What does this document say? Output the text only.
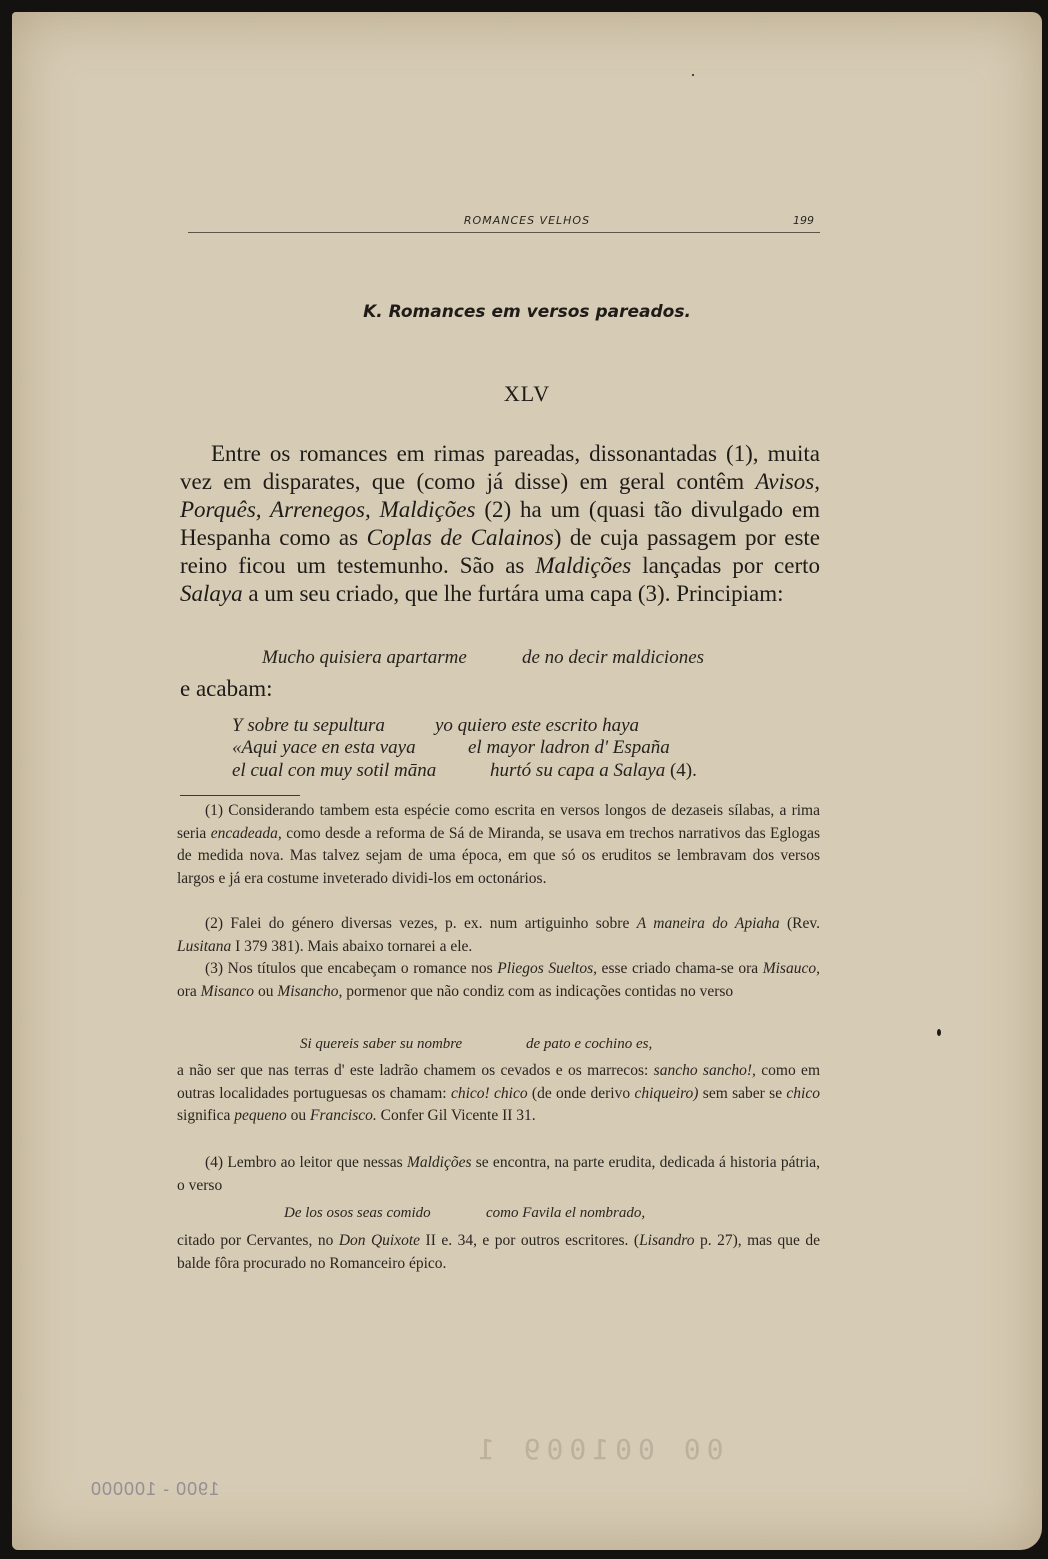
ROMANCES VELHOS	199
K. Romances em versos pareados.
XLV

Entre os romances em rimas pareadas, dissonantadas (1), muita vez em disparates, que (como já disse) em geral contêm Avisos, Porquês, Arrenegos, Maldições (2) ha um (quasi tão divulgado em Hespanha como as Coplas de Calainos) de cuja passagem por este reino ficou um testemunho. São as Maldições lançadas por certo Salaya a um seu criado, que lhe furtára uma capa (3). Principiam:

Mucho quisiera apartarme	de no decir maldiciones
e acabam:
Y sobre tu sepultura	yo quiero este escrito haya
«Aqui yace en esta vaya	el mayor ladron d' España
el cual con muy sotil māna	hurtó su capa a Salaya (4).

(1) Considerando tambem esta espécie como escrita en versos longos de dezaseis sílabas, a rima seria encadeada, como desde a reforma de Sá de Miranda, se usava em trechos narrativos das Eglogas de medida nova. Mas talvez sejam de uma época, em que só os eruditos se lembravam dos versos largos e já era costume inveterado dividi-los em octonários.

(2) Falei do género diversas vezes, p. ex. num artiguinho sobre A maneira do Apiaha (Rev. Lusitana I 379 381). Mais abaixo tornarei a ele.

(3) Nos títulos que encabeçam o romance nos Pliegos Sueltos, esse criado chama-se ora Misauco, ora Misanco ou Misancho, pormenor que não condiz com as indicações contidas no verso

Si quereis saber su nombre	de pato e cochino es,

a não ser que nas terras d' este ladrão chamem os cevados e os marrecos: sancho sancho!, como em outras localidades portuguesas os chamam: chico! chico (de onde derivo chiqueiro) sem saber se chico significa pequeno ou Francisco. Confer Gil Vicente II 31.

(4) Lembro ao leitor que nessas Maldições se encontra, na parte erudita, dedicada á historia pátria, o verso

De los osos seas comido	como Favila el nombrado,

citado por Cervantes, no Don Quixote II e. 34, e por outros escritores. (Lisandro p. 27), mas que de balde fôra procurado no Romanceiro épico.

00 001009 1
1900 - 100000
